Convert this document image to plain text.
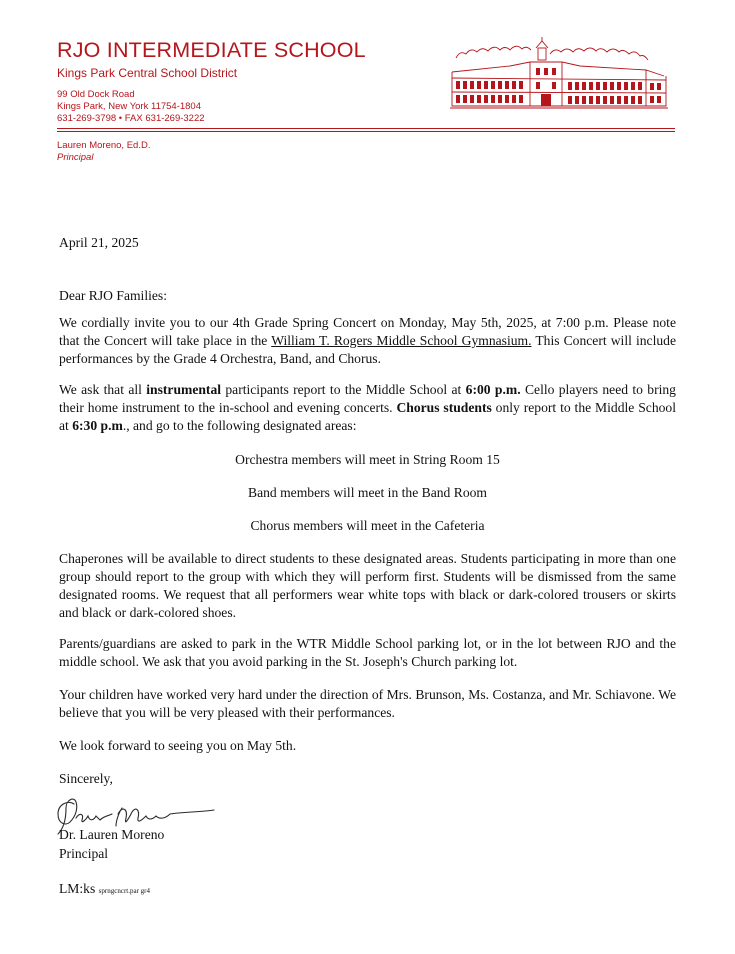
RJO INTERMEDIATE SCHOOL
Kings Park Central School District
99 Old Dock Road
Kings Park, New York 11754-1804
631-269-3798 • FAX 631-269-3222
Lauren Moreno, Ed.D.
Principal
April 21, 2025
Dear RJO Families:
We cordially invite you to our 4th Grade Spring Concert on Monday, May 5th, 2025, at 7:00 p.m. Please note that the Concert will take place in the William T. Rogers Middle School Gymnasium. This Concert will include performances by the Grade 4 Orchestra, Band, and Chorus.
We ask that all instrumental participants report to the Middle School at 6:00 p.m. Cello players need to bring their home instrument to the in-school and evening concerts. Chorus students only report to the Middle School at 6:30 p.m., and go to the following designated areas:
Orchestra members will meet in String Room 15
Band members will meet in the Band Room
Chorus members will meet in the Cafeteria
Chaperones will be available to direct students to these designated areas. Students participating in more than one group should report to the group with which they will perform first. Students will be dismissed from the same designated rooms. We request that all performers wear white tops with black or dark-colored trousers or skirts and black or dark-colored shoes.
Parents/guardians are asked to park in the WTR Middle School parking lot, or in the lot between RJO and the middle school. We ask that you avoid parking in the St. Joseph's Church parking lot.
Your children have worked very hard under the direction of Mrs. Brunson, Ms. Costanza, and Mr. Schiavone. We believe that you will be very pleased with their performances.
We look forward to seeing you on May 5th.
Sincerely,
Dr. Lauren Moreno
Principal
LM:ks sprngcncrt.par gr4
